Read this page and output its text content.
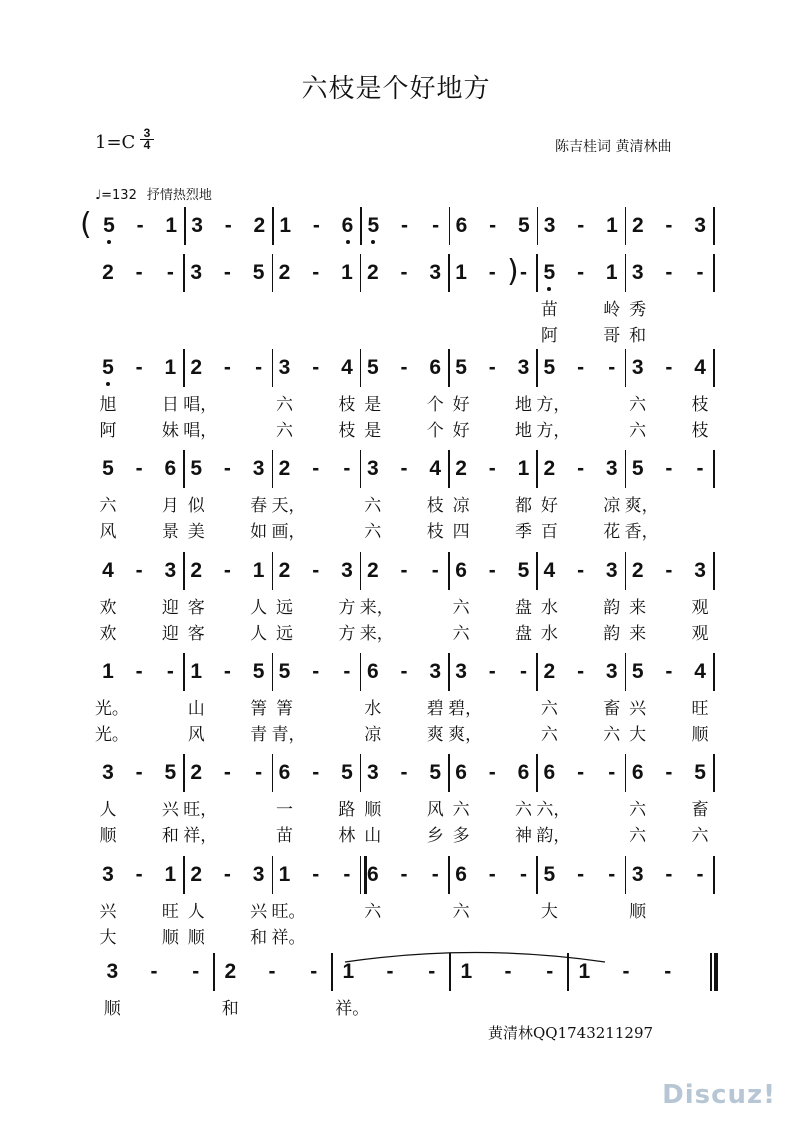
六枝是个好地方
1=C 3
4	陈吉桂词 黄清林曲
♩=132 抒情热烈地
(
)
5	-	1 3	-	2 1	-	6 5	-	- 6	-	5 3	-	1 2	-	3
2	-	- 3	-	5 2	-	1 2	-	3 1	-	- 5	-	1 3	-	-
苗	岭 秀
阿	哥 和
5	-	1 2	-	- 3	-	4 5	-	6 5	-	3 5	-	- 3	-	4
旭	日 唱，	六	枝 是	个 好	地 方，	六	枝
阿	妹 唱，	六	枝 是	个 好	地 方，	六	枝
5	-	6 5	-	3 2	-	- 3	-	4 2	-	1 2	-	3 5	-	-
六	月 似	春 天，	六	枝 凉	都 好	凉 爽，
风	景 美	如 画，	六	枝 四	季 百	花 香，
4	-	3 2	-	1 2	-	3 2	-	- 6	-	5 4	-	3 2	-	3
欢	迎 客	人 远	方 来，	六	盘 水	韵 来	观
欢	迎 客	人 远	方 来，	六	盘 水	韵 来	观
1	-	- 1	-	5 5	-	- 6	-	3 3	-	- 2	-	3 5	-	4
光。	山	箐 箐	水	碧 碧，	六	畜 兴	旺
光。	风	青 青，	凉	爽 爽，	六	六 大	顺
3	-	5 2	-	- 6	-	5 3	-	5 6	-	6 6	-	- 6	-	5
人	兴 旺，	一	路 顺	风 六	六 六，	六	畜
顺	和 祥，	苗	林 山	乡 多	神 韵，	六	六
3	-	1 2	-	3 1	-	- 6	-	- 6	-	- 5	-	- 3	-	-
兴	旺 人	兴 旺。	六	六	大	顺
大	顺 顺	和 祥。
3	-	-	2	-	-	1	-	-	1	-	-	1	-	-
顺	和	祥。
黄清林QQ1743211297
Discuz!
